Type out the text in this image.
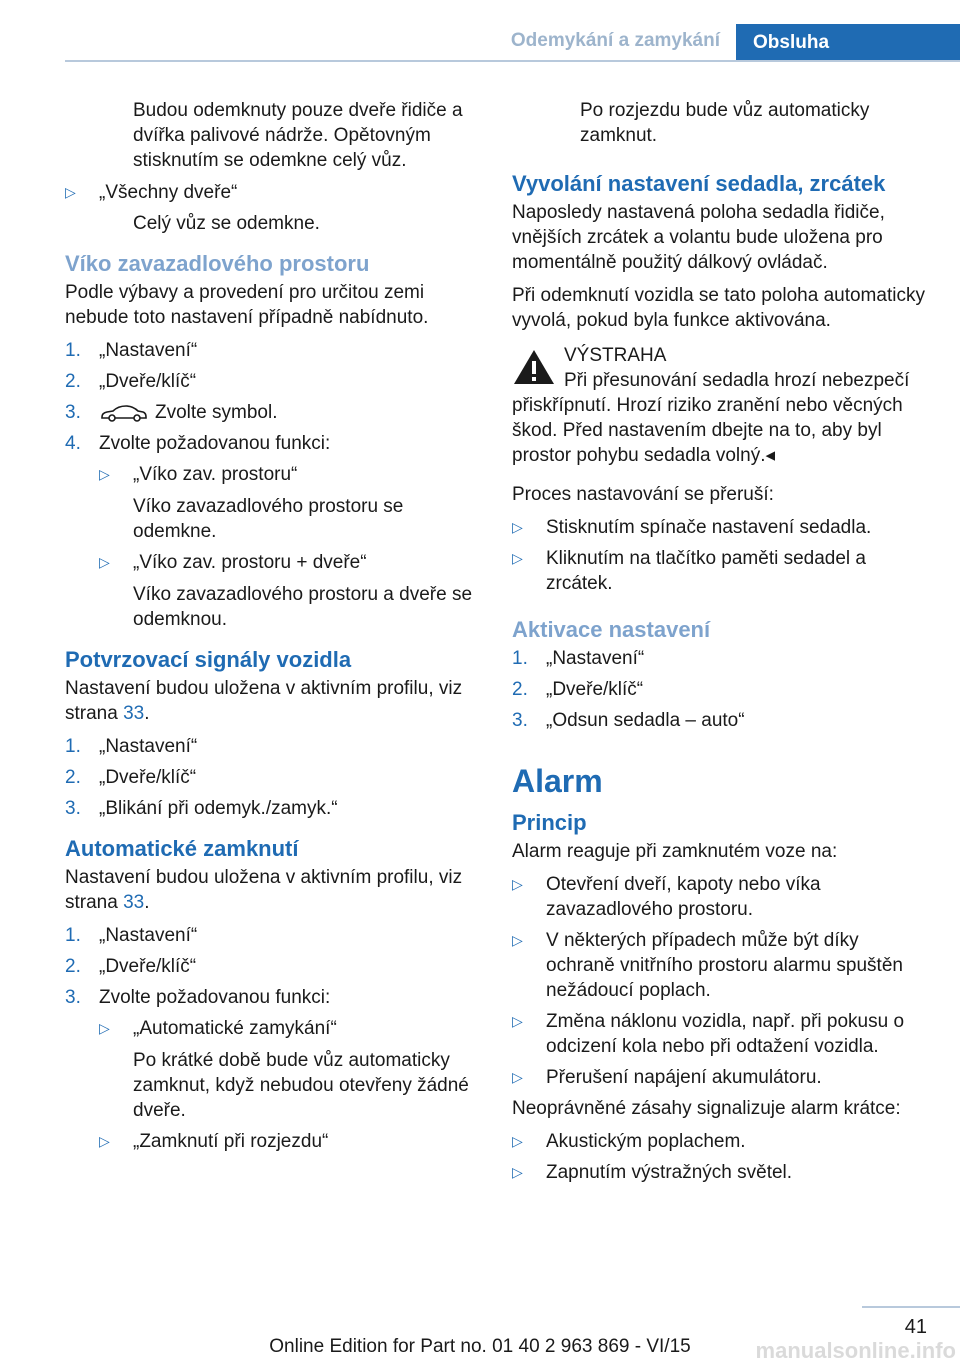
Odemykání a zamykání	Obsluha
Budou odemknuty pouze dveře řidiče a dvířka palivové nádrže. Opětovným stisknutím se odemkne celý vůz.
▷	„Všechny dveře“
Celý vůz se odemkne.
Víko zavazadlového prostoru

Podle výbavy a provedení pro určitou zemi nebude toto nastavení případně nabídnuto.

1. „Nastavení“
2. „Dveře/klíč“
3.	Zvolte symbol.
4. Zvolte požadovanou funkci:
▷	„Víko zav. prostoru“
Víko zavazadlového prostoru se odemkne.
▷	„Víko zav. prostoru + dveře“
Víko zavazadlového prostoru a dveře se odemknou.
Potvrzovací signály vozidla

Nastavení budou uložena v aktivním profilu, viz strana 33.

1. „Nastavení“
2. „Dveře/klíč“
3. „Blikání při odemyk./zamyk.“
Automatické zamknutí

Nastavení budou uložena v aktivním profilu, viz strana 33.

1. „Nastavení“
2. „Dveře/klíč“
3. Zvolte požadovanou funkci:
▷	„Automatické zamykání“
Po krátké době bude vůz automaticky zamknut, když nebudou otevřeny žádné dveře.
▷	„Zamknutí při rozjezdu“
Po rozjezdu bude vůz automaticky zamknut.
Vyvolání nastavení sedadla, zrcátek

Naposledy nastavená poloha sedadla řidiče, vnějších zrcátek a volantu bude uložena pro momentálně použitý dálkový ovládač.

Při odemknutí vozidla se tato poloha automaticky vyvolá, pokud byla funkce aktivována.

VÝSTRAHA
Při přesunování sedadla hrozí nebezpečí přiskřípnutí. Hrozí riziko zranění nebo věcných škod. Před nastavením dbejte na to, aby byl prostor pohybu sedadla volný.◂

Proces nastavování se přeruší:

▷	Stisknutím spínače nastavení sedadla.
▷	Kliknutím na tlačítko paměti sedadel a zrcátek.
Aktivace nastavení
1. „Nastavení“
2. „Dveře/klíč“
3. „Odsun sedadla – auto“
Alarm
Princip

Alarm reaguje při zamknutém voze na:

▷	Otevření dveří, kapoty nebo víka zavazadlového prostoru.
▷	V některých případech může být díky ochraně vnitřního prostoru alarmu spuštěn nežádoucí poplach.
▷	Změna náklonu vozidla, např. při pokusu o odcizení kola nebo při odtažení vozidla.
▷	Přerušení napájení akumulátoru.

Neoprávněné zásahy signalizuje alarm krátce:

▷	Akustickým poplachem.
▷	Zapnutím výstražných světel.
41
Online Edition for Part no. 01 40 2 963 869 - VI/15	manualsonline.info
